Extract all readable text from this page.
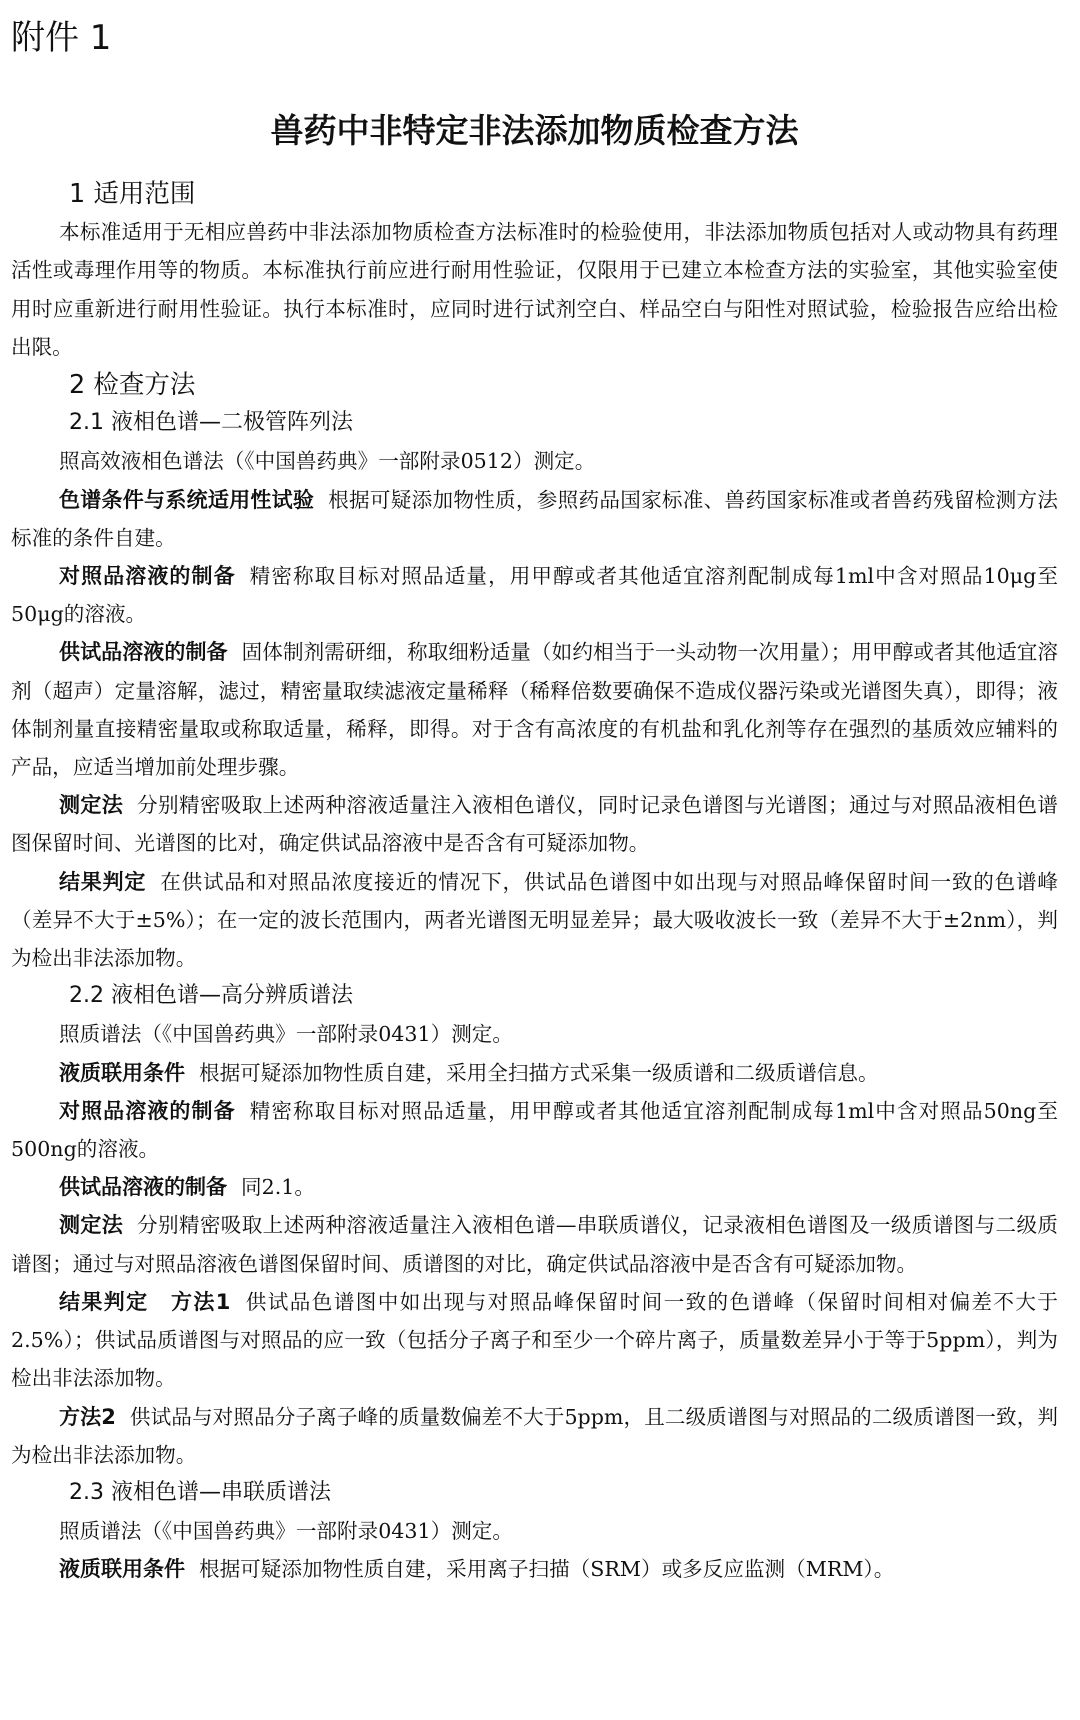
附件 1
兽药中非特定非法添加物质检查方法
1 适用范围

本标准适用于无相应兽药中非法添加物质检查方法标准时的检验使用，非法添加物质包括对人或动物具有药理活性或毒理作用等的物质。本标准执行前应进行耐用性验证，仅限用于已建立本检查方法的实验室，其他实验室使用时应重新进行耐用性验证。执行本标准时，应同时进行试剂空白、样品空白与阳性对照试验，检验报告应给出检出限。

2 检查方法
2.1 液相色谱—二极管阵列法

照高效液相色谱法（《中国兽药典》一部附录0512）测定。

色谱条件与系统适用性试验 根据可疑添加物性质，参照药品国家标准、兽药国家标准或者兽药残留检测方法标准的条件自建。

对照品溶液的制备 精密称取目标对照品适量，用甲醇或者其他适宜溶剂配制成每1ml中含对照品10μg至50μg的溶液。

供试品溶液的制备 固体制剂需研细，称取细粉适量（如约相当于一头动物一次用量）；用甲醇或者其他适宜溶剂（超声）定量溶解，滤过，精密量取续滤液定量稀释（稀释倍数要确保不造成仪器污染或光谱图失真），即得；液体制剂量直接精密量取或称取适量，稀释，即得。对于含有高浓度的有机盐和乳化剂等存在强烈的基质效应辅料的产品，应适当增加前处理步骤。

测定法 分别精密吸取上述两种溶液适量注入液相色谱仪，同时记录色谱图与光谱图；通过与对照品液相色谱图保留时间、光谱图的比对，确定供试品溶液中是否含有可疑添加物。

结果判定 在供试品和对照品浓度接近的情况下，供试品色谱图中如出现与对照品峰保留时间一致的色谱峰（差异不大于±5%）；在一定的波长范围内，两者光谱图无明显差异；最大吸收波长一致（差异不大于±2nm），判为检出非法添加物。

2.2 液相色谱—高分辨质谱法

照质谱法（《中国兽药典》一部附录0431）测定。

液质联用条件 根据可疑添加物性质自建，采用全扫描方式采集一级质谱和二级质谱信息。

对照品溶液的制备 精密称取目标对照品适量，用甲醇或者其他适宜溶剂配制成每1ml中含对照品50ng至500ng的溶液。

供试品溶液的制备 同2.1。

测定法 分别精密吸取上述两种溶液适量注入液相色谱—串联质谱仪，记录液相色谱图及一级质谱图与二级质谱图；通过与对照品溶液色谱图保留时间、质谱图的对比，确定供试品溶液中是否含有可疑添加物。

结果判定　方法1 供试品色谱图中如出现与对照品峰保留时间一致的色谱峰（保留时间相对偏差不大于2.5%）；供试品质谱图与对照品的应一致（包括分子离子和至少一个碎片离子，质量数差异小于等于5ppm），判为检出非法添加物。

方法2 供试品与对照品分子离子峰的质量数偏差不大于5ppm，且二级质谱图与对照品的二级质谱图一致，判为检出非法添加物。

2.3 液相色谱—串联质谱法

照质谱法（《中国兽药典》一部附录0431）测定。

液质联用条件 根据可疑添加物性质自建，采用离子扫描（SRM）或多反应监测（MRM）。
